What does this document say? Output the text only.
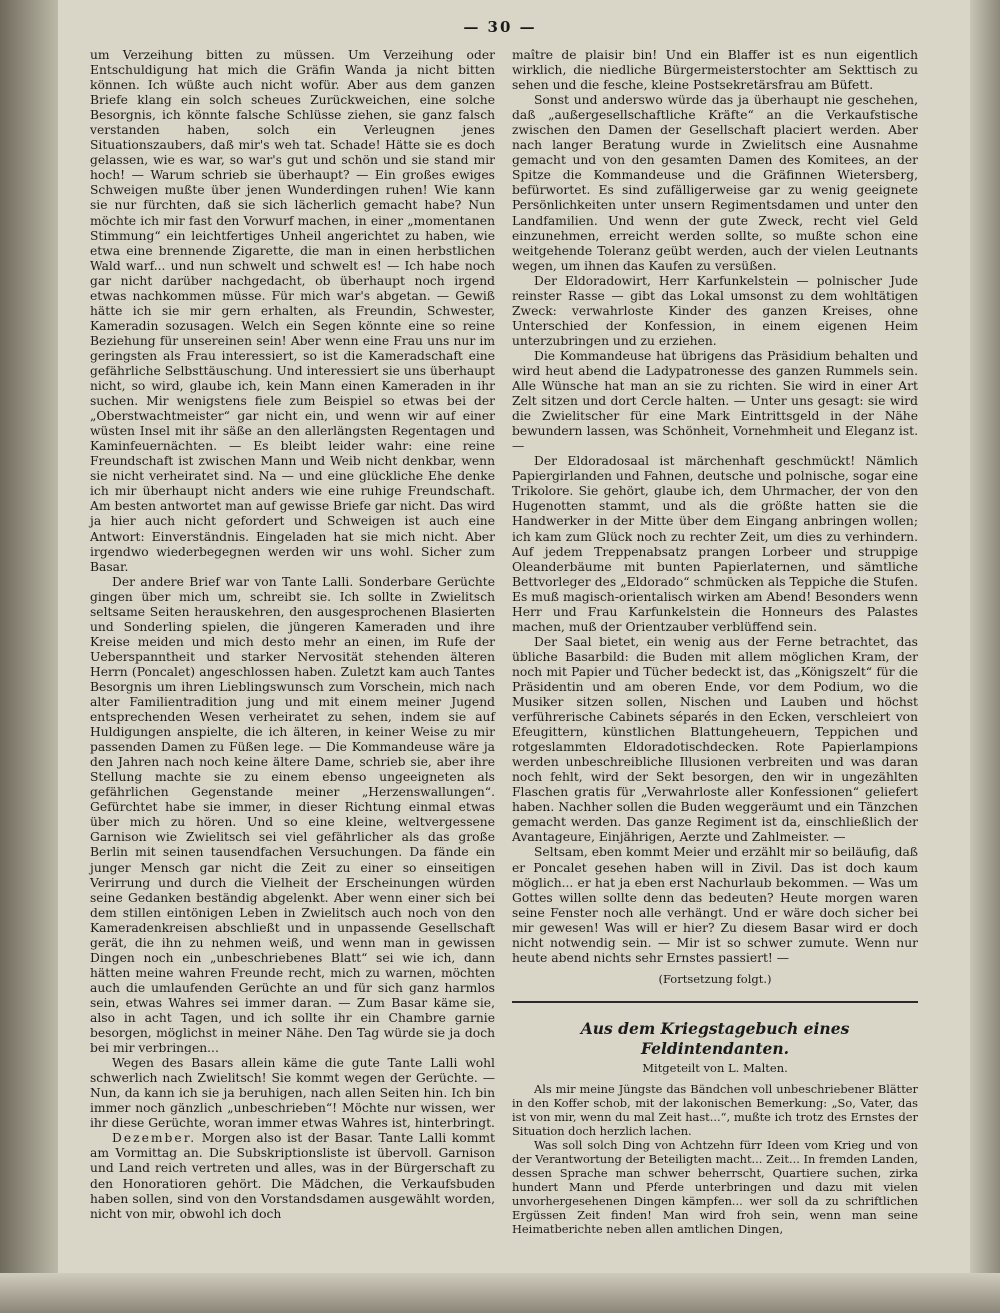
— 30 —

um Verzeihung bitten zu müssen. Um Verzeihung oder Entschuldigung hat mich die Gräfin Wanda ja nicht bitten können. Ich wüßte auch nicht wofür. Aber aus dem ganzen Briefe klang ein solch scheues Zurückweichen, eine solche Besorgnis, ich könnte falsche Schlüsse ziehen, sie ganz falsch verstanden haben, solch ein Verleugnen jenes Situationszaubers, daß mir's weh tat. Schade! Hätte sie es doch gelassen, wie es war, so war's gut und schön und sie stand mir hoch! — Warum schrieb sie überhaupt? — Ein großes ewiges Schweigen mußte über jenen Wunderdingen ruhen! Wie kann sie nur fürchten, daß sie sich lächerlich gemacht habe? Nun möchte ich mir fast den Vorwurf machen, in einer „momentanen Stimmung“ ein leichtfertiges Unheil angerichtet zu haben, wie etwa eine brennende Zigarette, die man in einen herbstlichen Wald warf... und nun schwelt und schwelt es! — Ich habe noch gar nicht darüber nachgedacht, ob überhaupt noch irgend etwas nachkommen müsse. Für mich war's abgetan. — Gewiß hätte ich sie mir gern erhalten, als Freundin, Schwester, Kameradin sozusagen. Welch ein Segen könnte eine so reine Beziehung für unsereinen sein! Aber wenn eine Frau uns nur im geringsten als Frau interessiert, so ist die Kameradschaft eine gefährliche Selbsttäuschung. Und interessiert sie uns überhaupt nicht, so wird, glaube ich, kein Mann einen Kameraden in ihr suchen. Mir wenigstens fiele zum Beispiel so etwas bei der „Oberstwachtmeister“ gar nicht ein, und wenn wir auf einer wüsten Insel mit ihr säße an den allerlängsten Regentagen und Kaminfeuernächten. — Es bleibt leider wahr: eine reine Freundschaft ist zwischen Mann und Weib nicht denkbar, wenn sie nicht verheiratet sind. Na — und eine glückliche Ehe denke ich mir überhaupt nicht anders wie eine ruhige Freundschaft. Am besten antwortet man auf gewisse Briefe gar nicht. Das wird ja hier auch nicht gefordert und Schweigen ist auch eine Antwort: Einverständnis. Eingeladen hat sie mich nicht. Aber irgendwo wiederbegegnen werden wir uns wohl. Sicher zum Basar.

Der andere Brief war von Tante Lalli. Sonderbare Gerüchte gingen über mich um, schreibt sie. Ich sollte in Zwielitsch seltsame Seiten herauskehren, den ausgesprochenen Blasierten und Sonderling spielen, die jüngeren Kameraden und ihre Kreise meiden und mich desto mehr an einen, im Rufe der Ueberspanntheit und starker Nervosität stehenden älteren Herrn (Poncalet) angeschlossen haben. Zuletzt kam auch Tantes Besorgnis um ihren Lieblingswunsch zum Vorschein, mich nach alter Familientradition jung und mit einem meiner Jugend entsprechenden Wesen verheiratet zu sehen, indem sie auf Huldigungen anspielte, die ich älteren, in keiner Weise zu mir passenden Damen zu Füßen lege. — Die Kommandeuse wäre ja den Jahren nach noch keine ältere Dame, schrieb sie, aber ihre Stellung machte sie zu einem ebenso ungeeigneten als gefährlichen Gegenstande meiner „Herzenswallungen“. Gefürchtet habe sie immer, in dieser Richtung einmal etwas über mich zu hören. Und so eine kleine, weltvergessene Garnison wie Zwielitsch sei viel gefährlicher als das große Berlin mit seinen tausendfachen Versuchungen. Da fände ein junger Mensch gar nicht die Zeit zu einer so einseitigen Verirrung und durch die Vielheit der Erscheinungen würden seine Gedanken beständig abgelenkt. Aber wenn einer sich bei dem stillen eintönigen Leben in Zwielitsch auch noch von den Kameradenkreisen abschließt und in unpassende Gesellschaft gerät, die ihn zu nehmen weiß, und wenn man in gewissen Dingen noch ein „unbeschriebenes Blatt“ sei wie ich, dann hätten meine wahren Freunde recht, mich zu warnen, möchten auch die umlaufenden Gerüchte an und für sich ganz harmlos sein, etwas Wahres sei immer daran. — Zum Basar käme sie, also in acht Tagen, und ich sollte ihr ein Chambre garnie besorgen, möglichst in meiner Nähe. Den Tag würde sie ja doch bei mir verbringen...

Wegen des Basars allein käme die gute Tante Lalli wohl schwerlich nach Zwielitsch! Sie kommt wegen der Gerüchte. — Nun, da kann ich sie ja beruhigen, nach allen Seiten hin. Ich bin immer noch gänzlich „unbeschrieben“! Möchte nur wissen, wer ihr diese Gerüchte, woran immer etwas Wahres ist, hinterbringt.

Dezember. Morgen also ist der Basar. Tante Lalli kommt am Vormittag an. Die Subskriptionsliste ist übervoll. Garnison und Land reich vertreten und alles, was in der Bürgerschaft zu den Honoratioren gehört. Die Mädchen, die Verkaufsbuden haben sollen, sind von den Vorstandsdamen ausgewählt worden, nicht von mir, obwohl ich doch

maître de plaisir bin! Und ein Blaffer ist es nun eigentlich wirklich, die niedliche Bürgermeisterstochter am Sekttisch zu sehen und die fesche, kleine Postsekretärsfrau am Büfett.

Sonst und anderswo würde das ja überhaupt nie geschehen, daß „außergesellschaftliche Kräfte“ an die Verkaufstische zwischen den Damen der Gesellschaft placiert werden. Aber nach langer Beratung wurde in Zwielitsch eine Ausnahme gemacht und von den gesamten Damen des Komitees, an der Spitze die Kommandeuse und die Gräfinnen Wietersberg, befürwortet. Es sind zufälligerweise gar zu wenig geeignete Persönlichkeiten unter unsern Regimentsdamen und unter den Landfamilien. Und wenn der gute Zweck, recht viel Geld einzunehmen, erreicht werden sollte, so mußte schon eine weitgehende Toleranz geübt werden, auch der vielen Leutnants wegen, um ihnen das Kaufen zu versüßen.

Der Eldoradowirt, Herr Karfunkelstein — polnischer Jude reinster Rasse — gibt das Lokal umsonst zu dem wohltätigen Zweck: verwahrloste Kinder des ganzen Kreises, ohne Unterschied der Konfession, in einem eigenen Heim unterzubringen und zu erziehen.

Die Kommandeuse hat übrigens das Präsidium behalten und wird heut abend die Ladypatronesse des ganzen Rummels sein. Alle Wünsche hat man an sie zu richten. Sie wird in einer Art Zelt sitzen und dort Cercle halten. — Unter uns gesagt: sie wird die Zwielitscher für eine Mark Eintrittsgeld in der Nähe bewundern lassen, was Schönheit, Vornehmheit und Eleganz ist. —

Der Eldoradosaal ist märchenhaft geschmückt! Nämlich Papiergirlanden und Fahnen, deutsche und polnische, sogar eine Trikolore. Sie gehört, glaube ich, dem Uhrmacher, der von den Hugenotten stammt, und als die größte hatten sie die Handwerker in der Mitte über dem Eingang anbringen wollen; ich kam zum Glück noch zu rechter Zeit, um dies zu verhindern. Auf jedem Treppenabsatz prangen Lorbeer und struppige Oleanderbäume mit bunten Papierlaternen, und sämtliche Bettvorleger des „Eldorado“ schmücken als Teppiche die Stufen. Es muß magisch-orientalisch wirken am Abend! Besonders wenn Herr und Frau Karfunkelstein die Honneurs des Palastes machen, muß der Orientzauber verblüffend sein.

Der Saal bietet, ein wenig aus der Ferne betrachtet, das übliche Basarbild: die Buden mit allem möglichen Kram, der noch mit Papier und Tücher bedeckt ist, das „Königszelt“ für die Präsidentin und am oberen Ende, vor dem Podium, wo die Musiker sitzen sollen, Nischen und Lauben und höchst verführerische Cabinets séparés in den Ecken, verschleiert von Efeugittern, künstlichen Blattungeheuern, Teppichen und rotgeslammten Eldoradotischdecken. Rote Papierlampions werden unbeschreibliche Illusionen verbreiten und was daran noch fehlt, wird der Sekt besorgen, den wir in ungezählten Flaschen gratis für „Verwahrloste aller Konfessionen“ geliefert haben. Nachher sollen die Buden weggeräumt und ein Tänzchen gemacht werden. Das ganze Regiment ist da, einschließlich der Avantageure, Einjährigen, Aerzte und Zahlmeister. —

Seltsam, eben kommt Meier und erzählt mir so beiläufig, daß er Poncalet gesehen haben will in Zivil. Das ist doch kaum möglich... er hat ja eben erst Nachurlaub bekommen. — Was um Gottes willen sollte denn das bedeuten? Heute morgen waren seine Fenster noch alle verhängt. Und er wäre doch sicher bei mir gewesen! Was will er hier? Zu diesem Basar wird er doch nicht notwendig sein. — Mir ist so schwer zumute. Wenn nur heute abend nichts sehr Ernstes passiert! —

(Fortsetzung folgt.)

Aus dem Kriegstagebuch eines Feldintendanten.

Mitgeteilt von L. Malten.

Als mir meine Jüngste das Bändchen voll unbeschriebener Blätter in den Koffer schob, mit der lakonischen Bemerkung: „So, Vater, das ist von mir, wenn du mal Zeit hast...“, mußte ich trotz des Ernstes der Situation doch herzlich lachen.

Was soll solch Ding von Achtzehn fürr Ideen vom Krieg und von der Verantwortung der Beteiligten macht... Zeit... In fremden Landen, dessen Sprache man schwer beherrscht, Quartiere suchen, zirka hundert Mann und Pferde unterbringen und dazu mit vielen unvorhergesehenen Dingen kämpfen... wer soll da zu schriftlichen Ergüssen Zeit finden! Man wird froh sein, wenn man seine Heimatberichte neben allen amtlichen Dingen,
